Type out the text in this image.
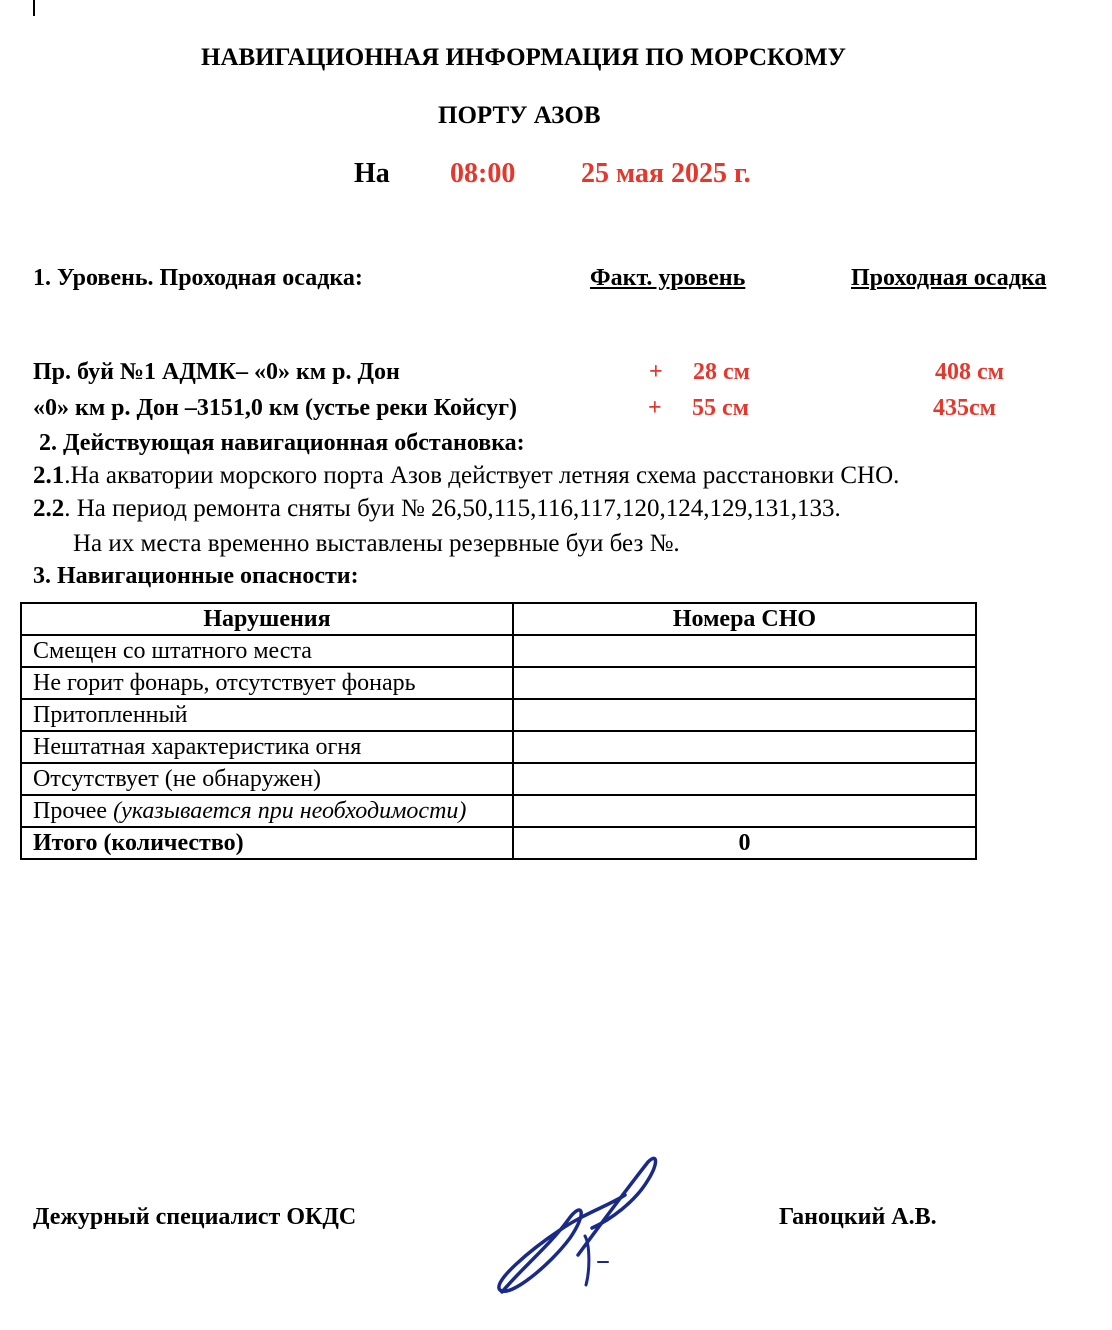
НАВИГАЦИОННАЯ ИНФОРМАЦИЯ ПО МОРСКОМУ
ПОРТУ АЗОВ
На 08:00 25 мая 2025 г.
1. Уровень. Проходная осадка:	Факт. уровень	Проходная осадка
Пр. буй №1 АДМК– «0» км р. Дон	+ 28 см	408 см
«0» км р. Дон –3151,0 км (устье реки Койсуг)	+ 55 см	435см
2. Действующая навигационная обстановка:
2.1.На акватории морского порта Азов действует летняя схема расстановки СНО.
2.2. На период ремонта сняты буи № 26,50,115,116,117,120,124,129,131,133.
На их места временно выставлены резервные буи без №.
3. Навигационные опасности:
Нарушения	Номера СНО
Смещен со штатного места	
Не горит фонарь, отсутствует фонарь	
Притопленный	
Нештатная характеристика огня	
Отсутствует (не обнаружен)	
Прочее (указывается при необходимости)	
Итого (количество)	0
Дежурный специалист ОКДС	Ганоцкий А.В.
